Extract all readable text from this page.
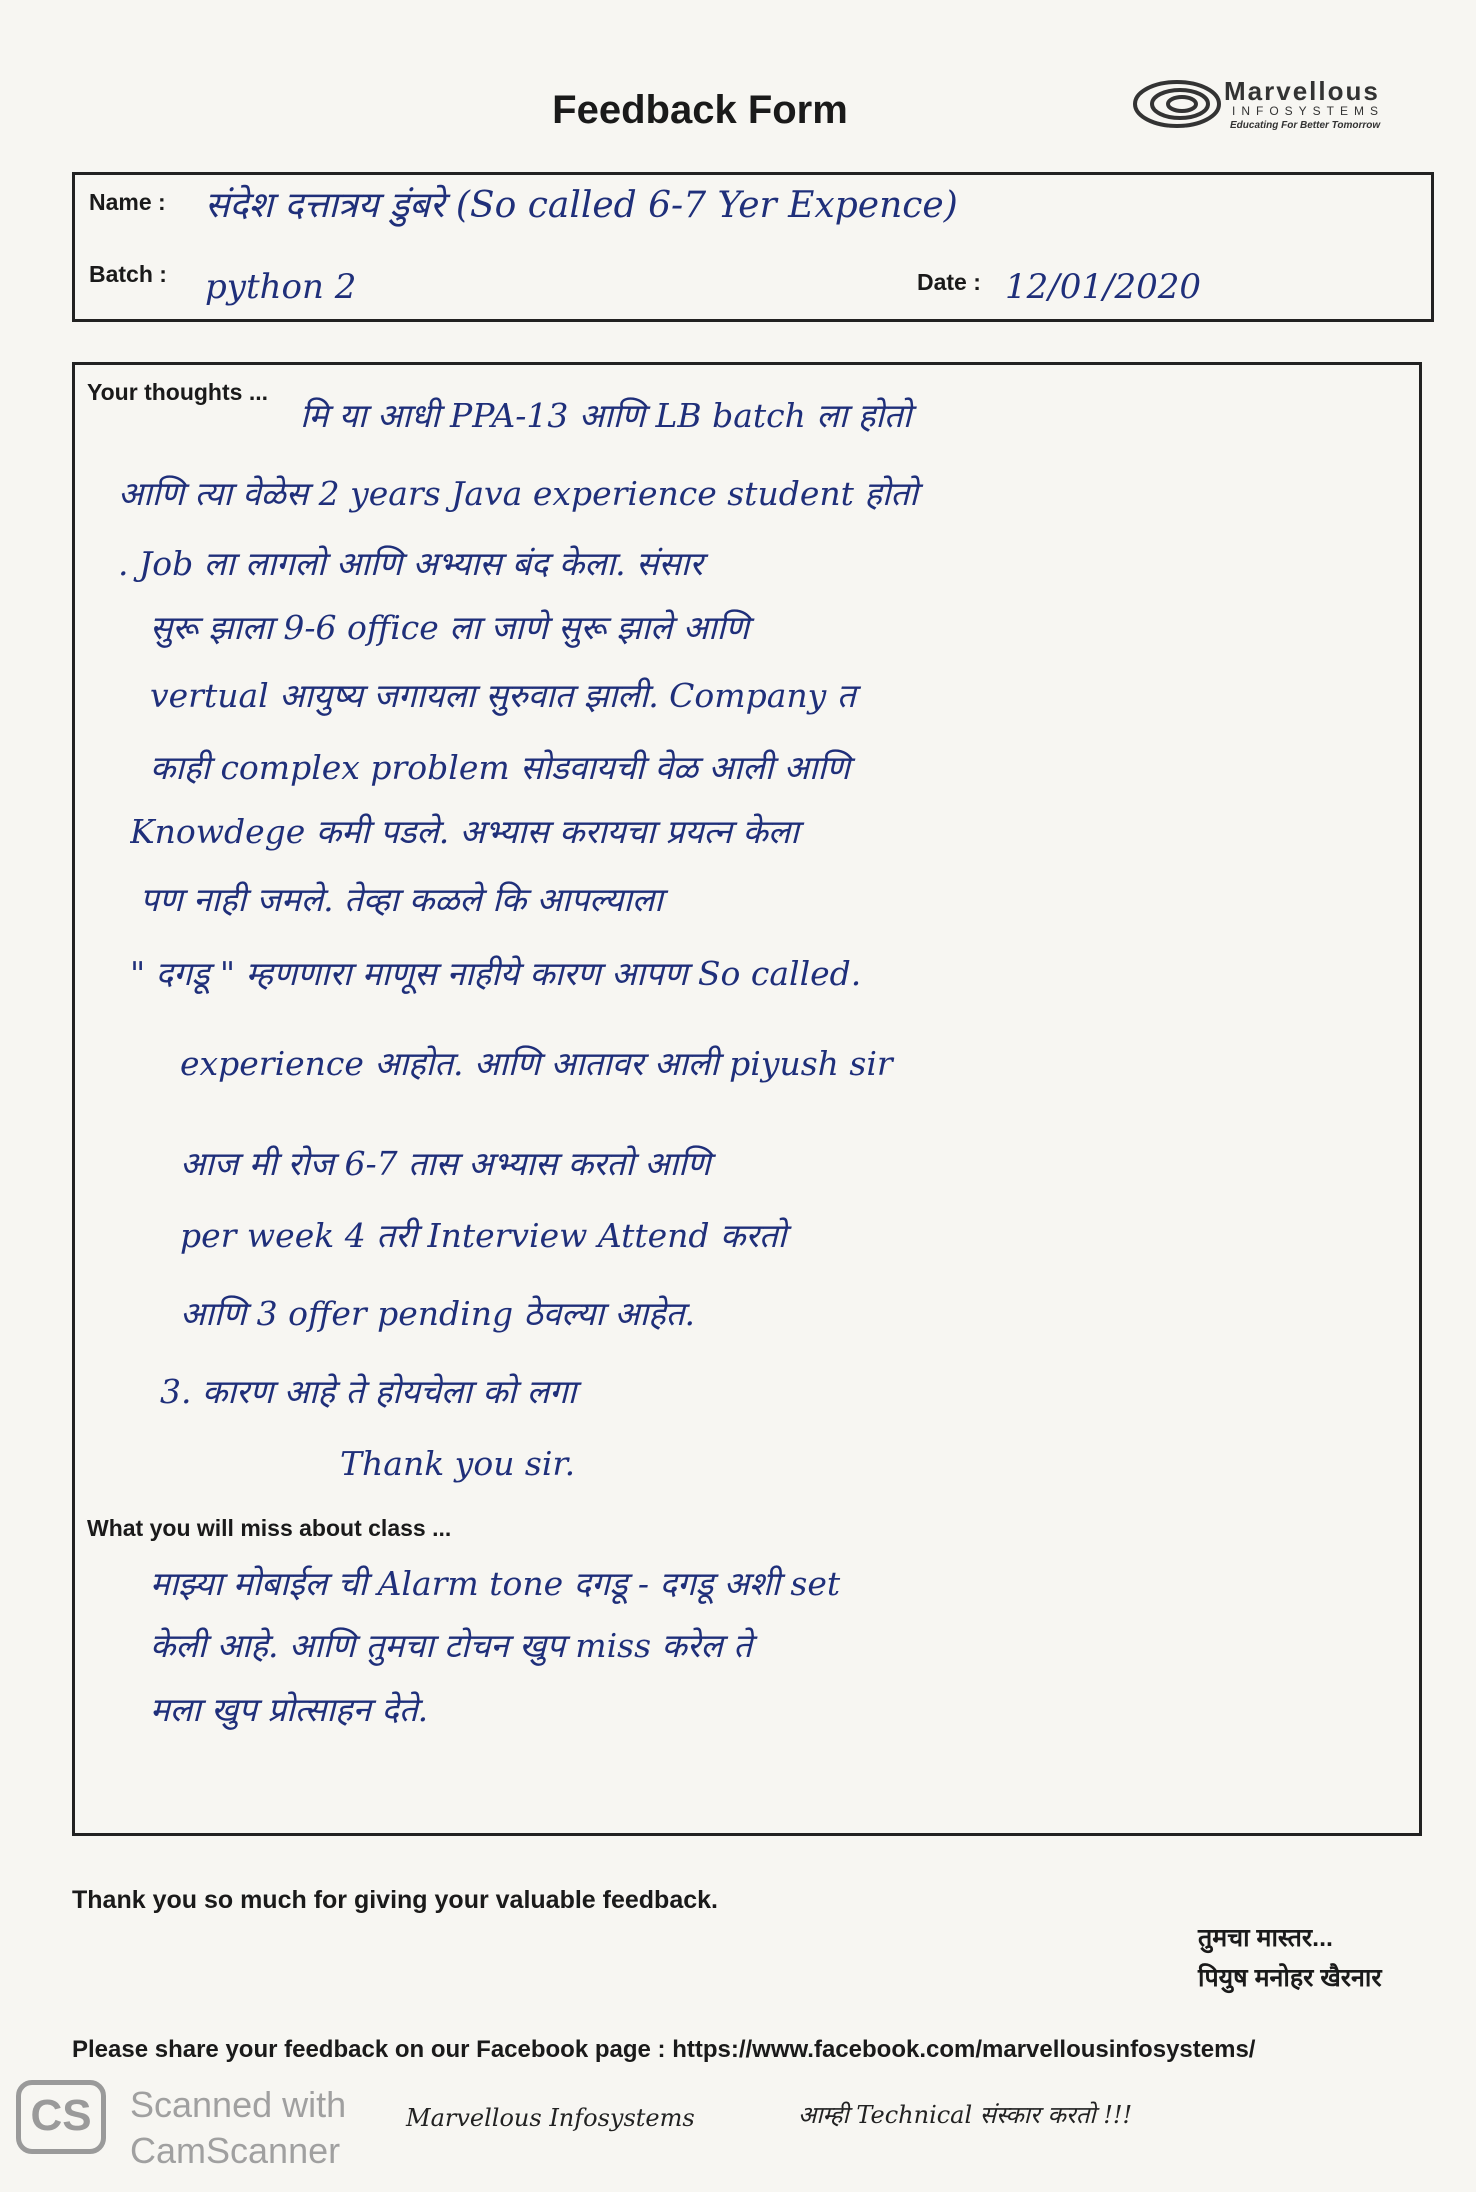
Feedback Form	Marvellous
INFOSYSTEMS
Educating For Better Tomorrow
Name : संदेश दत्तात्रय डुंबरे (So called 6-7 Yer Expence)
Batch : python 2	Date : 12/01/2020
Your thoughts ...
What you will miss about class ...
मि या आधी PPA-13 आणि LB batch ला होतो
आणि त्या वेळेस 2 years Java experience student होतो
. Job ला लागलो आणि अभ्यास बंद केला. संसार
सुरू झाला 9-6 office ला जाणे सुरू झाले आणि
vertual आयुष्य जगायला सुरुवात झाली. Company त
काही complex problem सोडवायची वेळ आली आणि
Knowdege कमी पडले. अभ्यास करायचा प्रयत्न केला
पण नाही जमले. तेव्हा कळले कि आपल्याला
" दगडू " म्हणणारा माणूस नाहीये कारण आपण So called.
experience आहोत. आणि आतावर आली piyush sir
आज मी रोज 6-7 तास अभ्यास करतो आणि
per week 4 तरी Interview Attend करतो
आणि 3 offer pending ठेवल्या आहेत.
3. कारण आहे ते होयचेला को लगा
Thank you sir.
माझ्या मोबाईल ची Alarm tone दगडू - दगडू अशी set
केली आहे. आणि तुमचा टोचन खुप miss करेल ते
मला खुप प्रोत्साहन देते.
Thank you so much for giving your valuable feedback.
तुमचा मास्तर...
पियुष मनोहर खैरनार
Please share your feedback on our Facebook page : https://www.facebook.com/marvellousinfosystems/
CS	Scanned with
CamScanner
Marvellous Infosystems	आम्ही Technical संस्कार करतो !!!
